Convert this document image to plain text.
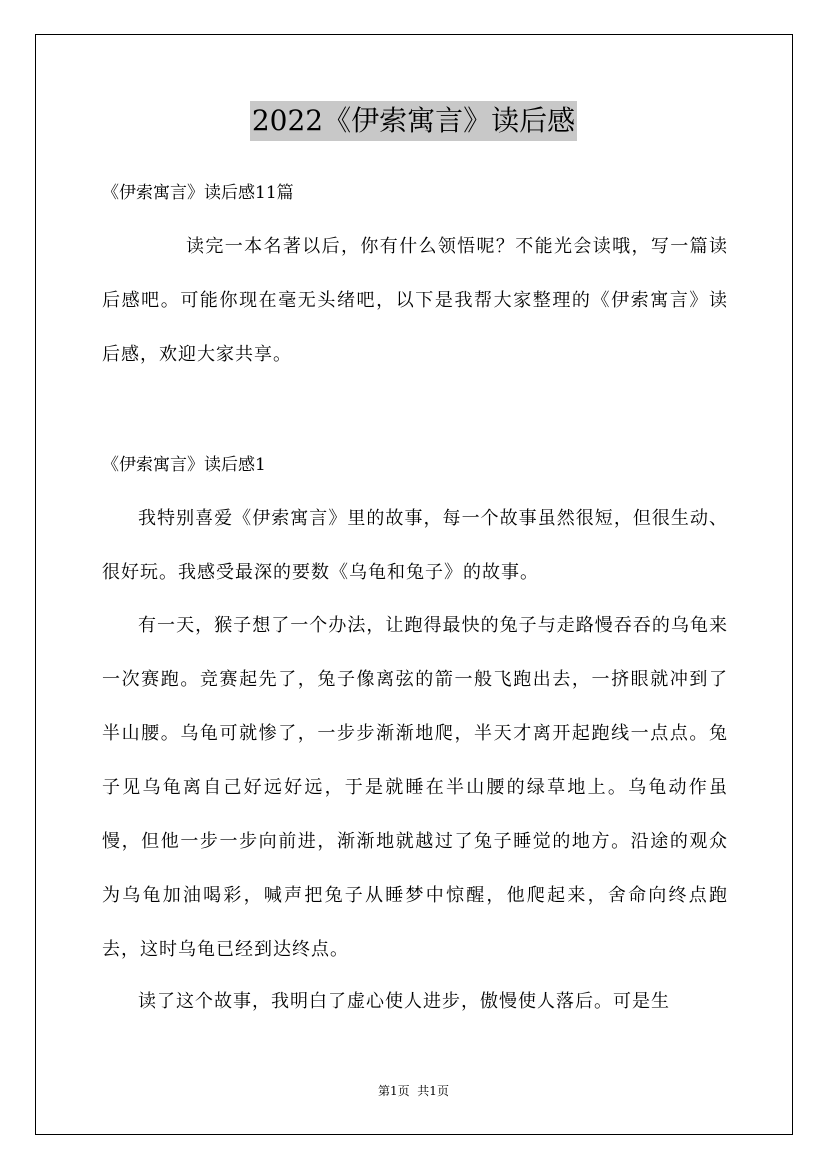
2022《伊索寓言》读后感
《伊索寓言》读后感11篇

读完一本名著以后，你有什么领悟呢？不能光会读哦，写一篇读后感吧。可能你现在毫无头绪吧，以下是我帮大家整理的《伊索寓言》读后感，欢迎大家共享。

《伊索寓言》读后感1

我特别喜爱《伊索寓言》里的故事，每一个故事虽然很短，但很生动、很好玩。我感受最深的要数《乌龟和兔子》的故事。

有一天，猴子想了一个办法，让跑得最快的兔子与走路慢吞吞的乌龟来一次赛跑。竞赛起先了，兔子像离弦的箭一般飞跑出去，一挤眼就冲到了半山腰。乌龟可就惨了，一步步渐渐地爬，半天才离开起跑线一点点。兔子见乌龟离自己好远好远，于是就睡在半山腰的绿草地上。乌龟动作虽慢，但他一步一步向前进，渐渐地就越过了兔子睡觉的地方。沿途的观众为乌龟加油喝彩，喊声把兔子从睡梦中惊醒，他爬起来，舍命向终点跑去，这时乌龟已经到达终点。

读了这个故事，我明白了虚心使人进步，傲慢使人落后。可是生

第1页  共1页
